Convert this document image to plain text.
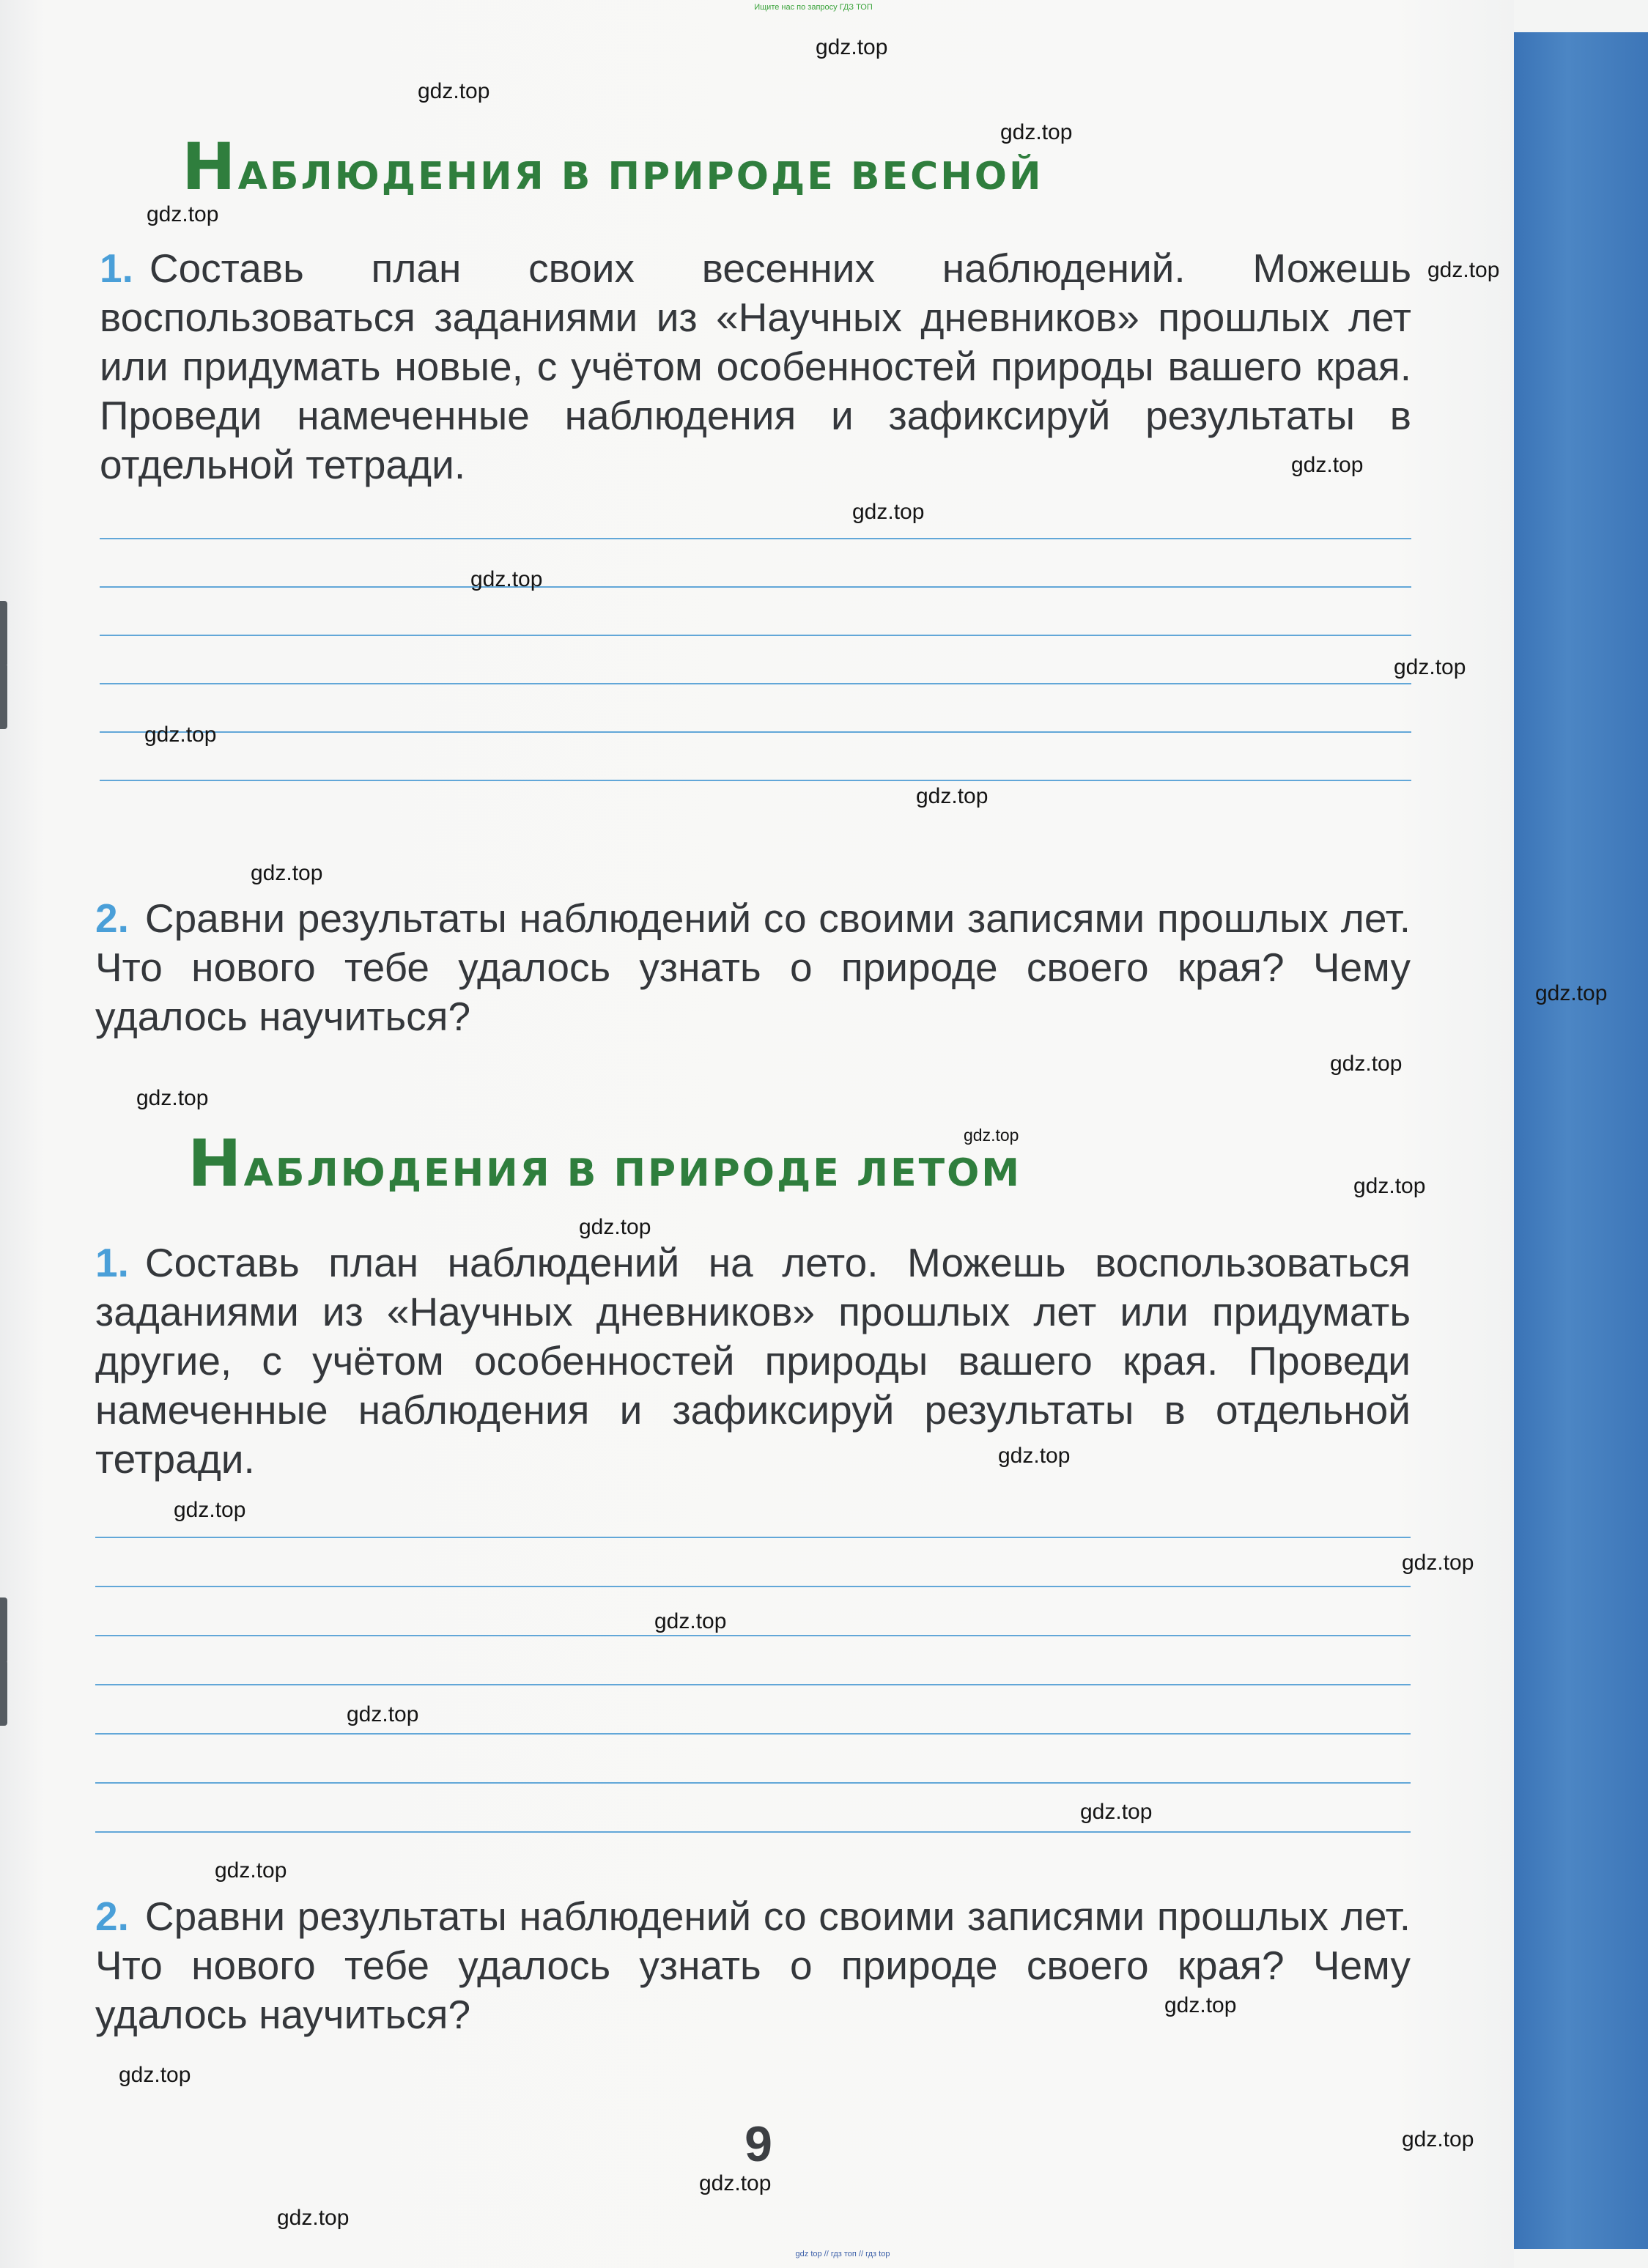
Ищите нас по запросу ГДЗ ТОП
НАБЛЮДЕНИЯ В ПРИРОДЕ ВЕСНОЙ

1. Составь план своих весенних наблюдений. Можешь воспользоваться заданиями из «Научных дневников» прошлых лет или придумать новые, с учётом особенностей природы вашего края. Проведи намеченные наблюдения и зафиксируй результаты в отдельной тетради.

2. Сравни результаты наблюдений со своими записями прошлых лет. Что нового тебе удалось узнать о природе своего края? Чему удалось научиться?

НАБЛЮДЕНИЯ В ПРИРОДЕ ЛЕТОМ

1. Составь план наблюдений на лето. Можешь воспользоваться заданиями из «Научных дневников» прошлых лет или придумать другие, с учётом особенностей природы вашего края. Проведи намеченные наблюдения и зафиксируй результаты в отдельной тетради.

2. Сравни результаты наблюдений со своими записями прошлых лет. Что нового тебе удалось узнать о природе своего края? Чему удалось научиться?

9
gdz top // гдз топ // гдз top
gdz.top
gdz.top
gdz.top
gdz.top
gdz.top
gdz.top
gdz.top
gdz.top
gdz.top
gdz.top
gdz.top
gdz.top
gdz.top
gdz.top
gdz.top
gdz.top
gdz.top
gdz.top
gdz.top
gdz.top
gdz.top
gdz.top
gdz.top
gdz.top
gdz.top
gdz.top
gdz.top
gdz.top
gdz.top
gdz.top
